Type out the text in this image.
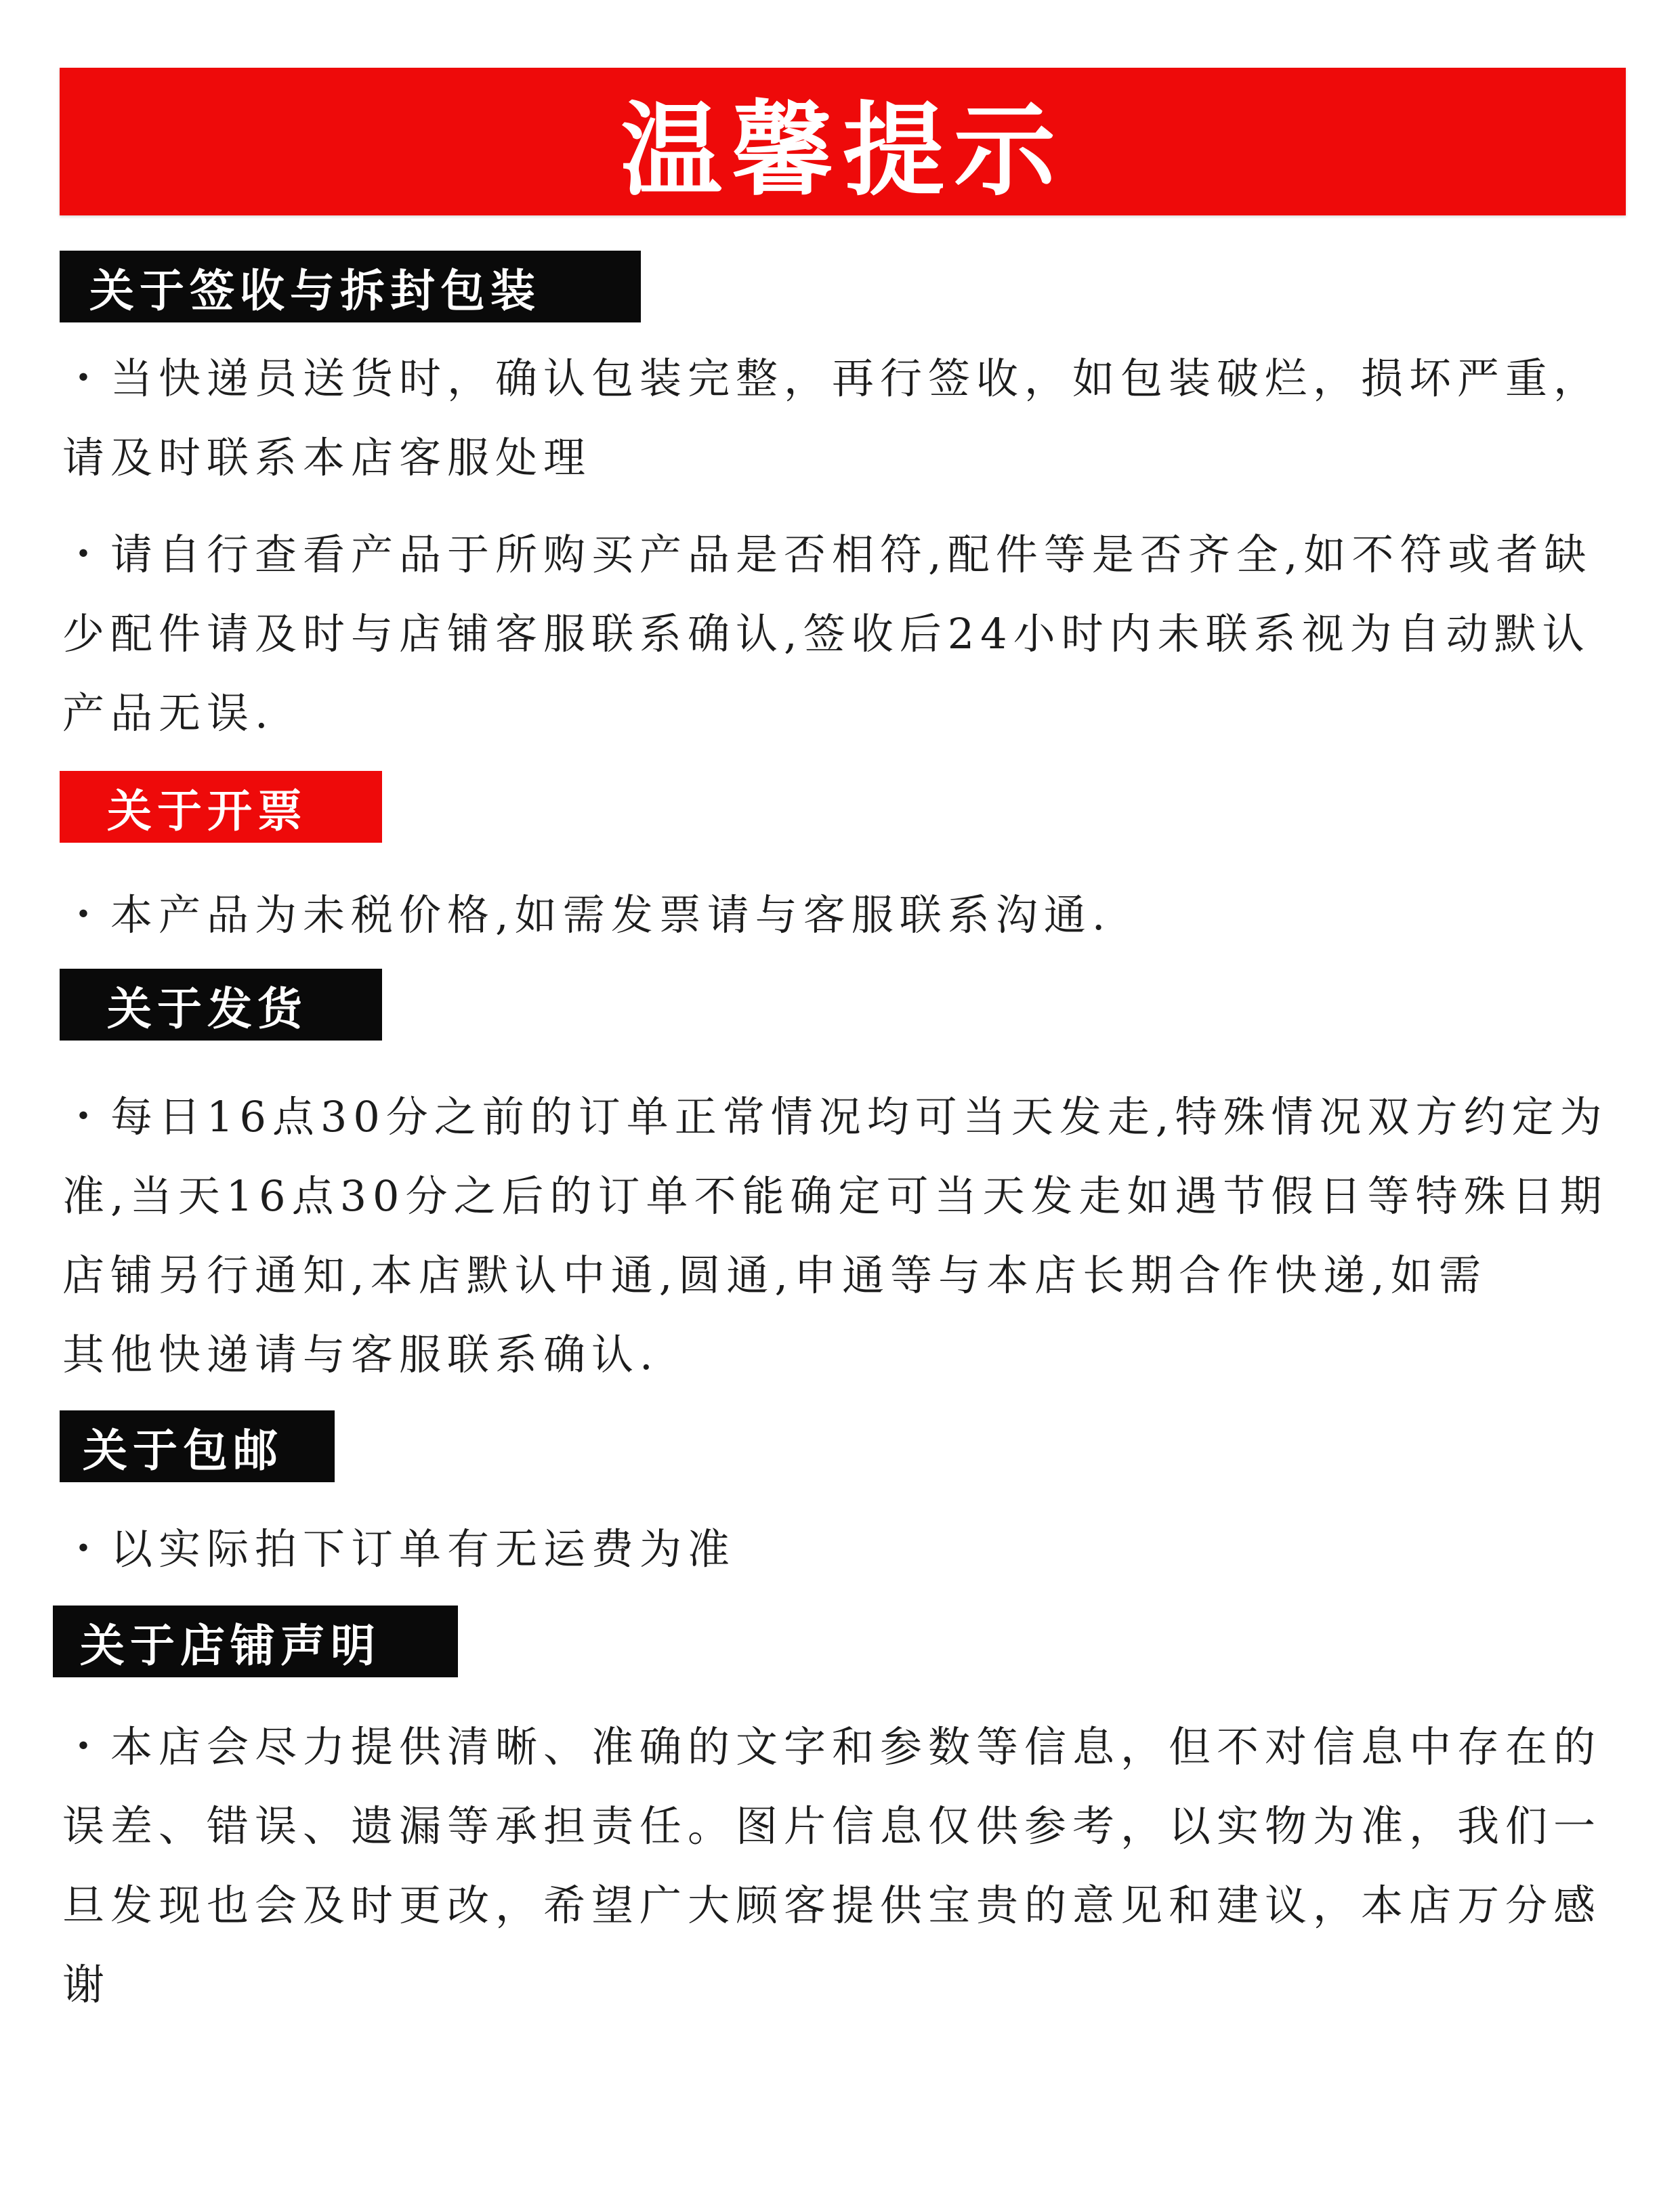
温馨提示
关于签收与拆封包装

・当快递员送货时，确认包装完整，再行签收，如包装破烂，损坏严重，
请及时联系本店客服处理

・请自行查看产品于所购买产品是否相符,配件等是否齐全,如不符或者缺
少配件请及时与店铺客服联系确认,签收后24小时内未联系视为自动默认
产品无误.

关于开票

・本产品为未税价格,如需发票请与客服联系沟通.

关于发货

・每日16点30分之前的订单正常情况均可当天发走,特殊情况双方约定为
准,当天16点30分之后的订单不能确定可当天发走如遇节假日等特殊日期
店铺另行通知,本店默认中通,圆通,申通等与本店长期合作快递,如需
其他快递请与客服联系确认.

关于包邮

・以实际拍下订单有无运费为准

关于店铺声明

・本店会尽力提供清晰、准确的文字和参数等信息，但不对信息中存在的
误差、错误、遗漏等承担责任。图片信息仅供参考，以实物为准，我们一
旦发现也会及时更改，希望广大顾客提供宝贵的意见和建议，本店万分感
谢
